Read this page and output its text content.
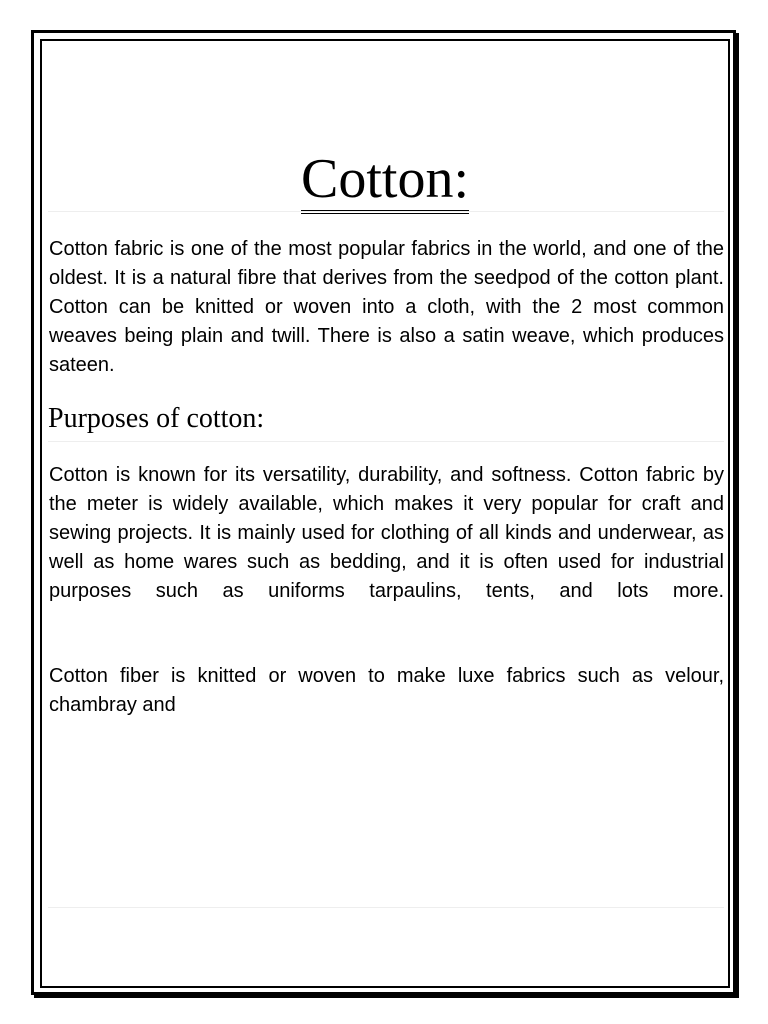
Cotton:

Cotton fabric is one of the most popular fabrics in the world, and one of the oldest. It is a natural fibre that derives from the seedpod of the cotton plant. Cotton can be knitted or woven into a cloth, with the 2 most common weaves being plain and twill. There is also a satin weave, which produces sateen.

Purposes of cotton:

Cotton is known for its versatility, durability, and softness. Cotton fabric by the meter is widely available, which makes it very popular for craft and sewing projects. It is mainly used for clothing of all kinds and underwear, as well as home wares such as bedding, and it is often used for industrial purposes such as uniforms tarpaulins, tents, and lots more.

Cotton fiber is knitted or woven to make luxe fabrics such as velour, chambray and
